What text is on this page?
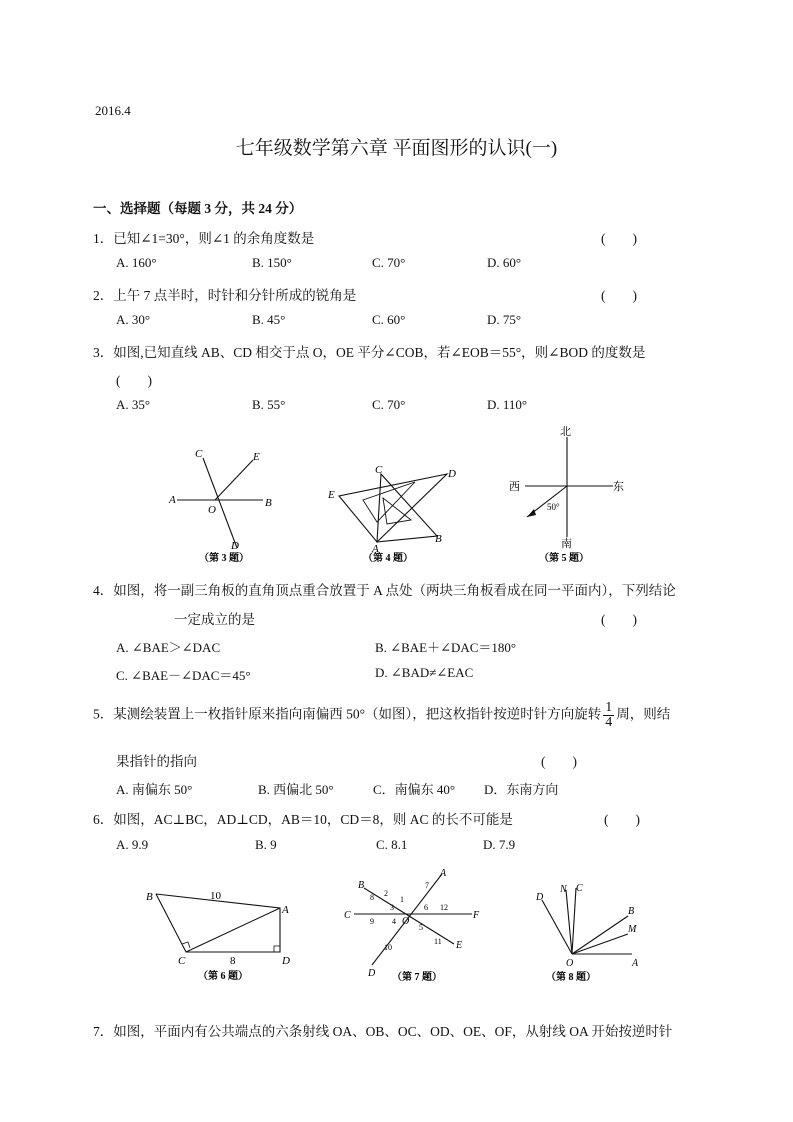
2016.4
七年级数学第六章 平面图形的认识(一)
一、选择题（每题 3 分，共 24 分）
1．已知∠1=30°，则∠1 的余角度数是	(　　)
A. 160°	B. 150°	C. 70°	D. 60°
2．上午 7 点半时，时针和分针所成的锐角是	(　　)
A. 30°	B. 45°	C. 60°	D. 75°
3．如图,已知直线 AB、CD 相交于点 O，OE 平分∠COB，若∠EOB＝55°，则∠BOD 的度数是
(　　)
A. 35°	B. 55°	C. 70°	D. 110°
C	E
A
O
B
D
（第 3 题）
C	D
E
A
B
（第 4 题）
北
西	东
南
50°
（第 5 题）
4．如图，将一副三角板的直角顶点重合放置于 A 点处（两块三角板看成在同一平面内），下列结论
一定成立的是	(　　)
A. ∠BAE＞∠DAC	B. ∠BAE＋∠DAC＝180°
C. ∠BAE－∠DAC＝45°	D. ∠BAD≠∠EAC
5．某测绘装置上一枚指针原来指向南偏西 50°（如图），把这枚指针按逆时针方向旋转 $\frac{1}{4}$ 周，则结
果指针的指向	(　　)
A. 南偏东 50°	B. 西偏北 50°	C．南偏东 40° D．东南方向
6．如图，AC⊥BC，AD⊥CD，AB＝10，CD＝8，则 AC 的长不可能是	(　　)
A. 9.9	B. 9	C. 8.1	D. 7.9
B
A
C	D
10
8
（第 6 题）
B
A
C	F
O
D
E
1
2
3
4
5
6
7
8
9
10
11
12
（第 7 题）
D
N C
B
M
O	A
（第 8 题）
7．如图，平面内有公共端点的六条射线 OA、OB、OC、OD、OE、OF，从射线 OA 开始按逆时针
